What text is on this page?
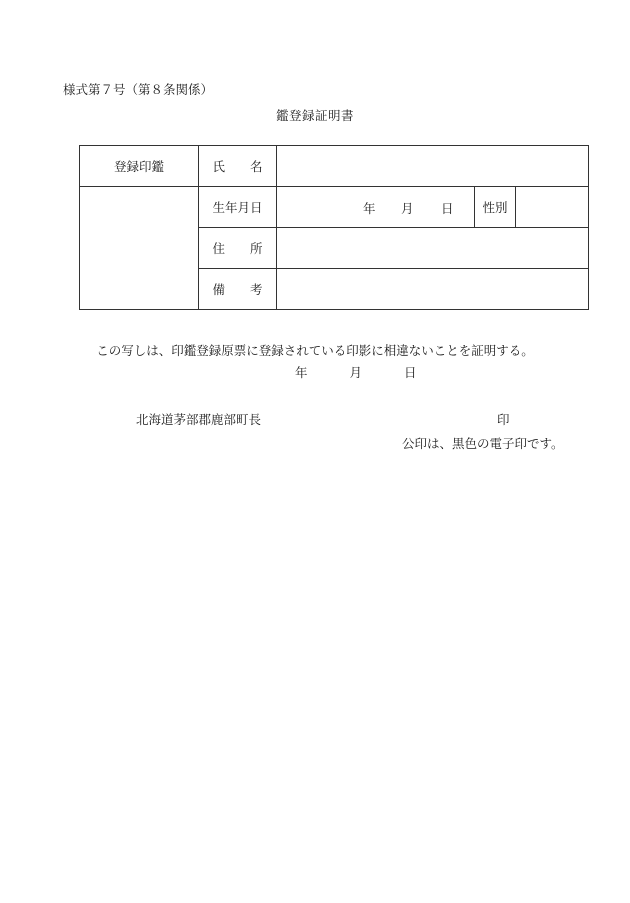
様式第７号（第８条関係）
鑑登録証明書
登録印鑑	氏　名			
	生年月日	年 月 日	性別	
	住　所			
	備　考			
この写しは、印鑑登録原票に登録されている印影に相違ないことを証明する。
年	月	日
北海道茅部郡鹿部町長	印
公印は、黒色の電子印です。
